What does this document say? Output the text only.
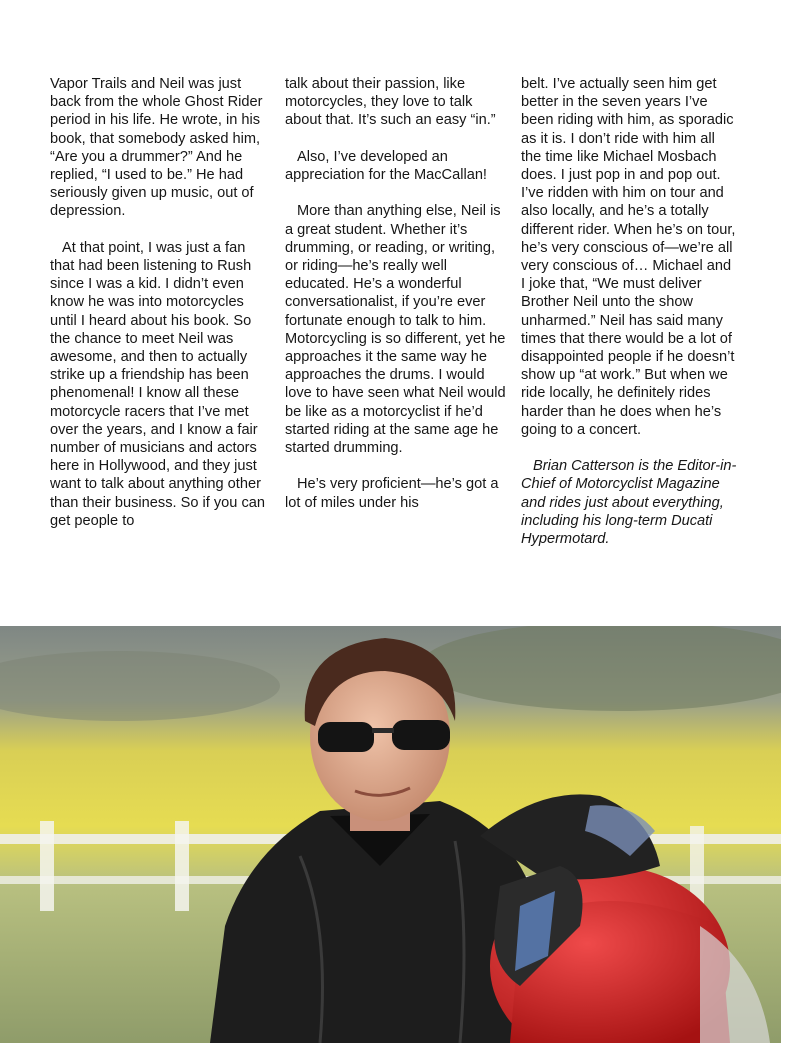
Vapor Trails and Neil was just back from the whole Ghost Rider period in his life. He wrote, in his book, that somebody asked him, “Are you a drummer?” And he replied, “I used to be.” He had seriously given up music, out of depression.

At that point, I was just a fan that had been listening to Rush since I was a kid. I didn’t even know he was into motorcycles until I heard about his book. So the chance to meet Neil was awesome, and then to actually strike up a friendship has been phenomenal! I know all these motorcycle racers that I’ve met over the years, and I know a fair number of musicians and actors here in Hollywood, and they just want to talk about anything other than their business. So if you can get people to

talk about their passion, like motorcycles, they love to talk about that. It’s such an easy “in.”

Also, I’ve developed an appreciation for the MacCallan!

More than anything else, Neil is a great student. Whether it’s drumming, or reading, or writing, or riding—he’s really well educated. He’s a wonderful conversationalist, if you’re ever fortunate enough to talk to him. Motorcycling is so different, yet he approaches it the same way he approaches the drums. I would love to have seen what Neil would be like as a motorcyclist if he’d started riding at the same age he started drumming.

He’s very proficient—he’s got a lot of miles under his

belt. I’ve actually seen him get better in the seven years I’ve been riding with him, as sporadic as it is. I don’t ride with him all the time like Michael Mosbach does. I just pop in and pop out. I’ve ridden with him on tour and also locally, and he’s a totally different rider. When he’s on tour, he’s very conscious of—we’re all very conscious of… Michael and I joke that, “We must deliver Brother Neil unto the show unharmed.” Neil has said many times that there would be a lot of disappointed people if he doesn’t show up “at work.” But when we ride locally, he definitely rides harder than he does when he’s going to a concert.

Brian Catterson is the Editor-in-Chief of Motorcyclist Magazine and rides just about everything, including his long-term Ducati Hypermotard.
